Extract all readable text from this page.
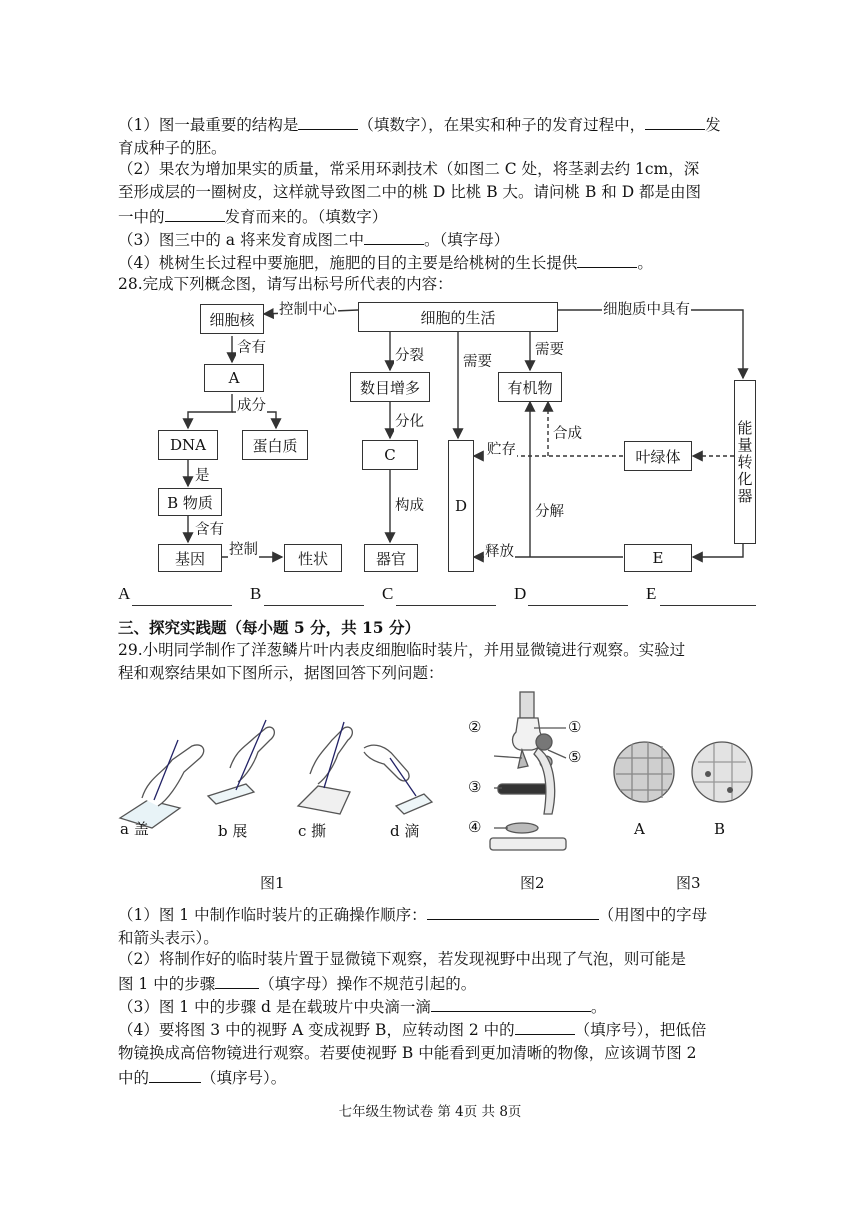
（1）图一最重要的结构是	（填数字），在果实和种子的发育过程中，	发
育成种子的胚。
（2）果农为增加果实的质量，常采用环剥技术（如图二 C 处，将茎剥去约 1cm，深
至形成层的一圈树皮，这样就导致图二中的桃 D 比桃 B 大。请问桃 B 和 D 都是由图
一中的	发育而来的。（填数字）
（3）图三中的 a 将来发育成图二中	。（填字母）
（4）桃树生长过程中要施肥，施肥的目的主要是给桃树的生长提供	。
28.完成下列概念图，请写出标号所代表的内容：
细胞核	细胞的生活
A
DNA	蛋白质
B 物质
基因	性状
数目增多
C
器官
有机物
D
叶绿体
E
能量转化器
控制中心
含有
成分
是
含有
控制
分裂
分化
构成
需要
需要
合成
贮存
分解
释放
细胞质中具有
A	B	C	D	E
三、探究实践题（每小题 5 分，共 15 分）
29.小明同学制作了洋葱鳞片叶内表皮细胞临时装片，并用显微镜进行观察。实验过
程和观察结果如下图所示，据图回答下列问题：
②
③
④
①
⑤
a 盖	b 展	c 撕	d 滴	A	B
图1	图2	图3
（1）图 1 中制作临时装片的正确操作顺序：	（用图中的字母
和箭头表示）。
（2）将制作好的临时装片置于显微镜下观察，若发现视野中出现了气泡，则可能是
图 1 中的步骤	（填字母）操作不规范引起的。
（3）图 1 中的步骤 d 是在载玻片中央滴一滴	。
（4）要将图 3 中的视野 A 变成视野 B，应转动图 2 中的	（填序号），把低倍
物镜换成高倍物镜进行观察。若要使视野 B 中能看到更加清晰的物像，应该调节图 2
中的	（填序号）。
七年级生物试卷 第 4页 共 8页
